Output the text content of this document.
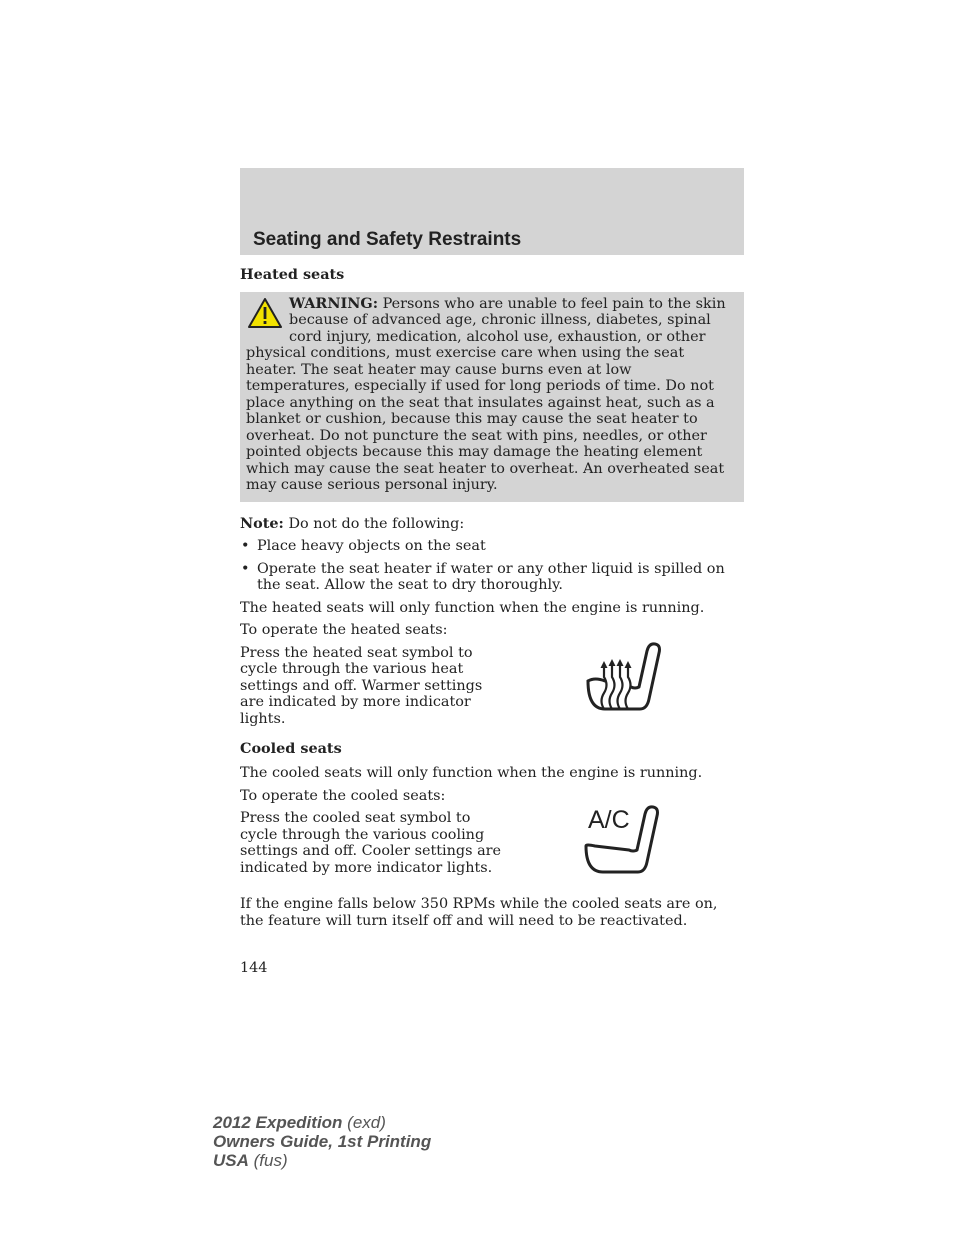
Seating and Safety Restraints
Heated seats
WARNING: Persons who are unable to feel pain to the skin because of advanced age, chronic illness, diabetes, spinal cord injury, medication, alcohol use, exhaustion, or other physical conditions, must exercise care when using the seat heater. The seat heater may cause burns even at low temperatures, especially if used for long periods of time. Do not place anything on the seat that insulates against heat, such as a blanket or cushion, because this may cause the seat heater to overheat. Do not puncture the seat with pins, needles, or other pointed objects because this may damage the heating element which may cause the seat heater to overheat. An overheated seat may cause serious personal injury.

Note: Do not do the following:

• Place heavy objects on the seat
• Operate the seat heater if water or any other liquid is spilled on the seat. Allow the seat to dry thoroughly.

The heated seats will only function when the engine is running.

To operate the heated seats:

Press the heated seat symbol to cycle through the various heat settings and off. Warmer settings are indicated by more indicator lights.
Cooled seats

The cooled seats will only function when the engine is running.

To operate the cooled seats:

Press the cooled seat symbol to cycle through the various cooling settings and off. Cooler settings are indicated by more indicator lights.
A/C

If the engine falls below 350 RPMs while the cooled seats are on, the feature will turn itself off and will need to be reactivated.

144
2012 Expedition (exd)
Owners Guide, 1st Printing
USA (fus)
